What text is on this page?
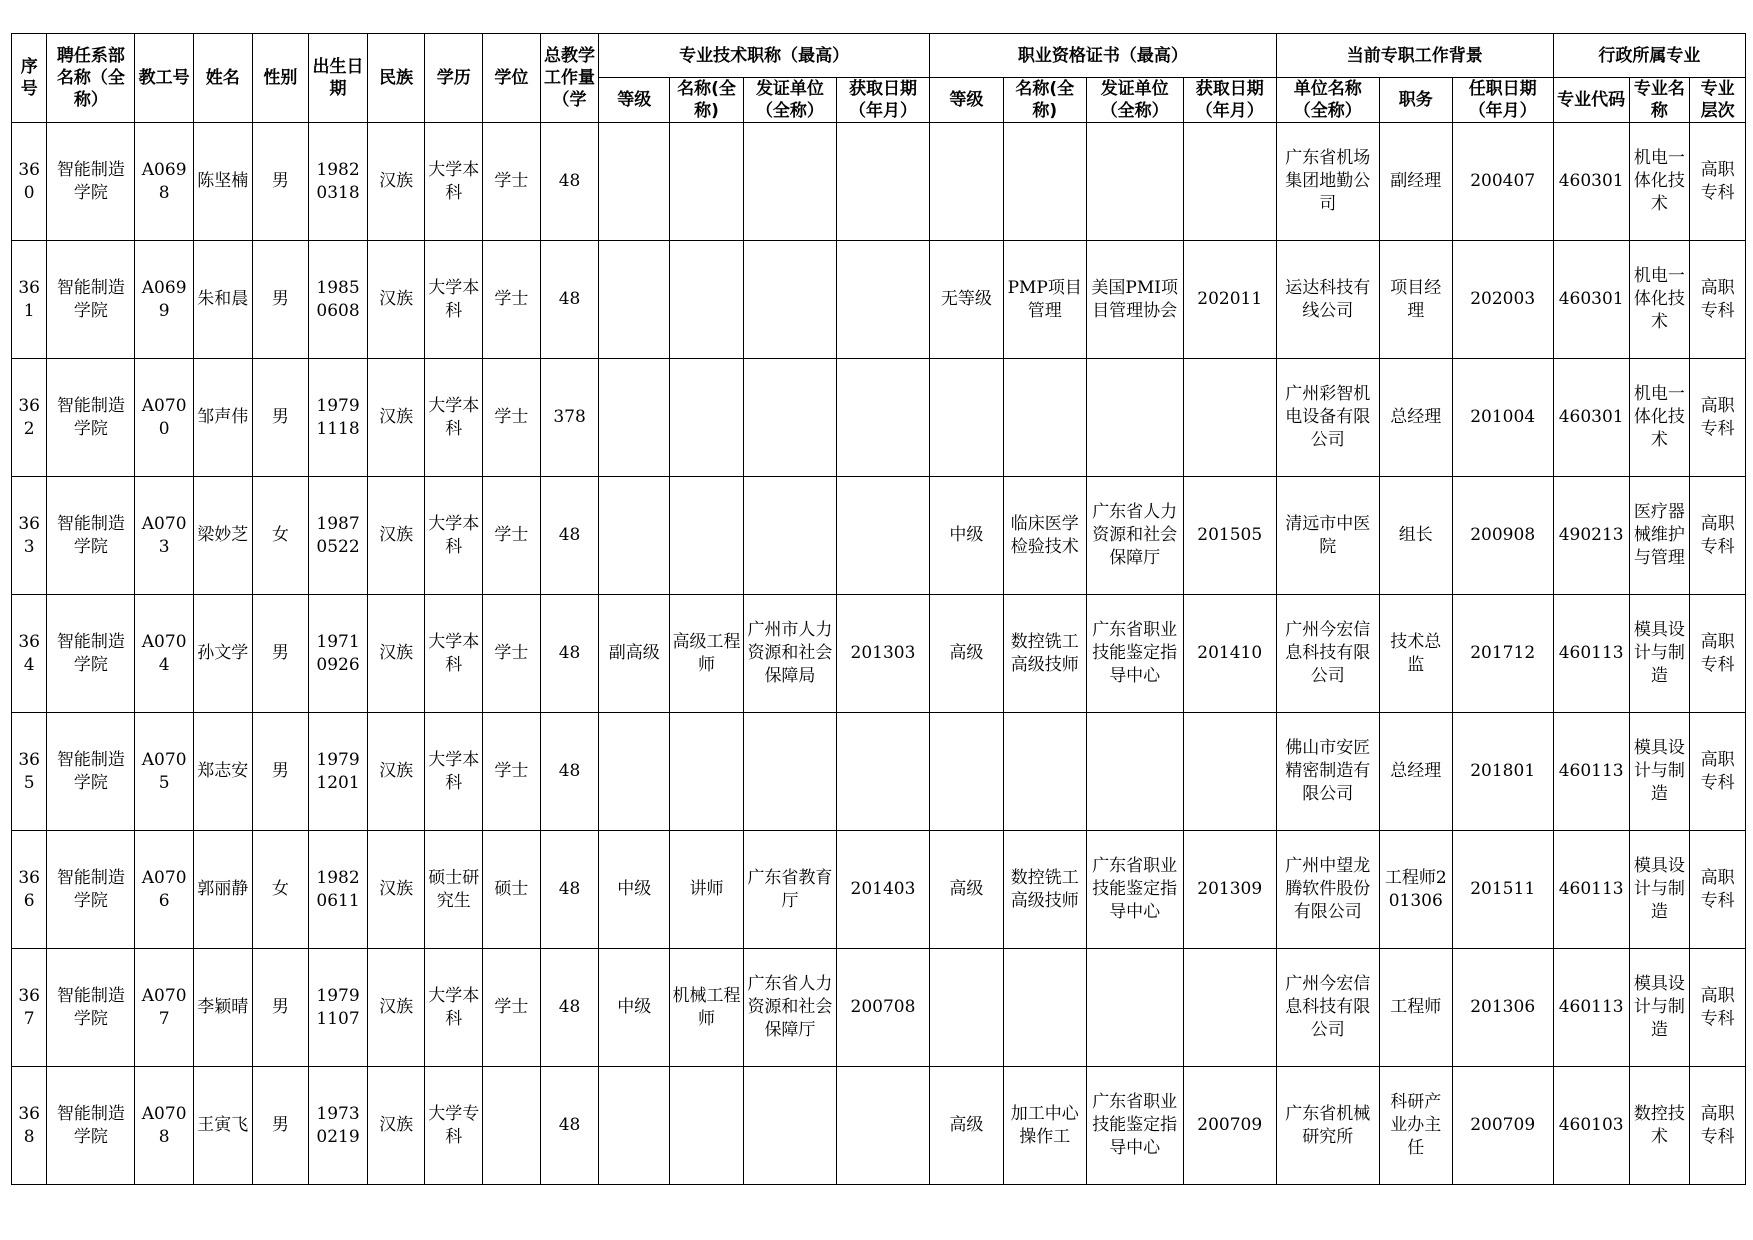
序号	聘任系部名称（全称）	教工号	姓名	性别	出生日期	民族	学历	学位	总教学工作量（学	专业技术职称（最高）				职业资格证书（最高）				当前专职工作背景			行政所属专业		
										等级	名称(全称)	发证单位（全称）	获取日期（年月）	等级	名称(全称)	发证单位（全称）	获取日期（年月）	单位名称（全称）	职务	任职日期（年月）	专业代码	专业名称	专业层次
360	智能制造学院	A0698	陈坚楠	男	19820318	汉族	大学本科	学士	48									广东省机场集团地勤公司	副经理	200407	460301	机电一体化技术	高职专科
361	智能制造学院	A0699	朱和晨	男	19850608	汉族	大学本科	学士	48					无等级	PMP项目管理	美国PMI项目管理协会	202011	运达科技有线公司	项目经理	202003	460301	机电一体化技术	高职专科
362	智能制造学院	A0700	邹声伟	男	19791118	汉族	大学本科	学士	378									广州彩智机电设备有限公司	总经理	201004	460301	机电一体化技术	高职专科
363	智能制造学院	A0703	梁妙芝	女	19870522	汉族	大学本科	学士	48					中级	临床医学检验技术	广东省人力资源和社会保障厅	201505	清远市中医院	组长	200908	490213	医疗器械维护与管理	高职专科
364	智能制造学院	A0704	孙文学	男	19710926	汉族	大学本科	学士	48	副高级	高级工程师	广州市人力资源和社会保障局	201303	高级	数控铣工高级技师	广东省职业技能鉴定指导中心	201410	广州今宏信息科技有限公司	技术总监	201712	460113	模具设计与制造	高职专科
365	智能制造学院	A0705	郑志安	男	19791201	汉族	大学本科	学士	48									佛山市安匠精密制造有限公司	总经理	201801	460113	模具设计与制造	高职专科
366	智能制造学院	A0706	郭丽静	女	19820611	汉族	硕士研究生	硕士	48	中级	讲师	广东省教育厅	201403	高级	数控铣工高级技师	广东省职业技能鉴定指导中心	201309	广州中望龙腾软件股份有限公司	工程师201306	201511	460113	模具设计与制造	高职专科
367	智能制造学院	A0707	李颖晴	男	19791107	汉族	大学本科	学士	48	中级	机械工程师	广东省人力资源和社会保障厅	200708					广州今宏信息科技有限公司	工程师	201306	460113	模具设计与制造	高职专科
368	智能制造学院	A0708	王寅飞	男	19730219	汉族	大学专科		48					高级	加工中心操作工	广东省职业技能鉴定指导中心	200709	广东省机械研究所	科研产业办主任	200709	460103	数控技术	高职专科
